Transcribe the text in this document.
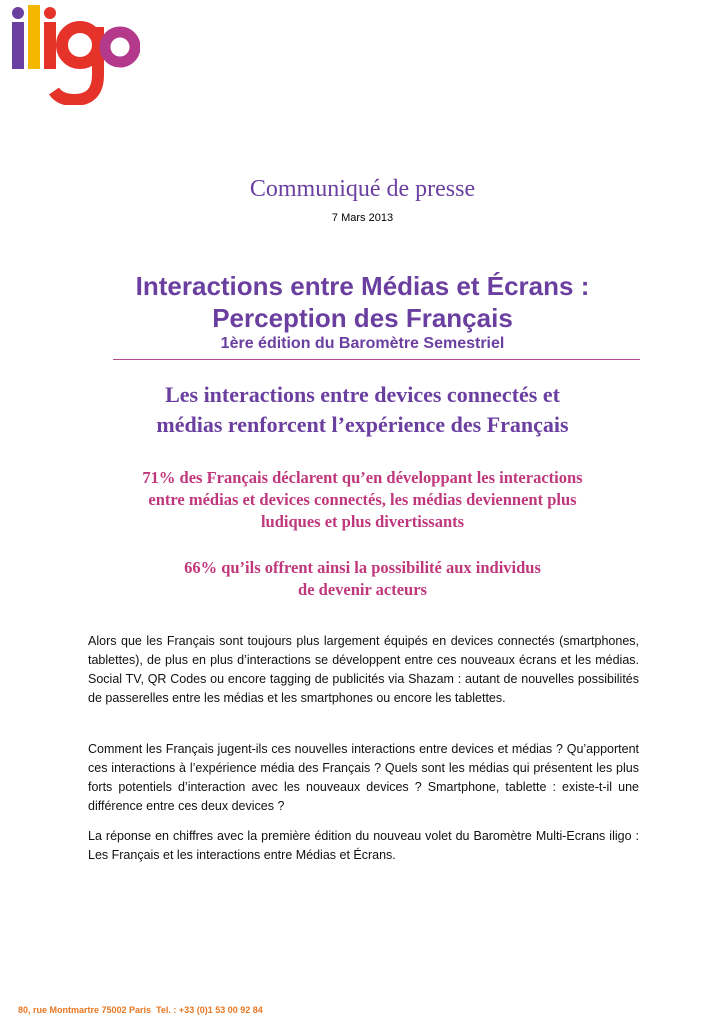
Communiqué de presse
7 Mars 2013
Interactions entre Médias et Écrans :
Perception des Français
1ère édition du Baromètre Semestriel
Les interactions entre devices connectés et
médias renforcent l’expérience des Français
71% des Français déclarent qu’en développant les interactions
entre médias et devices connectés, les médias deviennent plus
ludiques et plus divertissants
66% qu’ils offrent ainsi la possibilité aux individus
de devenir acteurs

Alors que les Français sont toujours plus largement équipés en devices connectés (smartphones, tablettes), de plus en plus d’interactions se développent entre ces nouveaux écrans et les médias. Social TV, QR Codes ou encore tagging de publicités via Shazam : autant de nouvelles possibilités de passerelles entre les médias et les smartphones ou encore les tablettes.

Comment les Français jugent-ils ces nouvelles interactions entre devices et médias ? Qu’apportent ces interactions à l’expérience média des Français ? Quels sont les médias qui présentent les plus forts potentiels d’interaction avec les nouveaux devices ? Smartphone, tablette : existe-t-il une différence entre ces deux devices ?

La réponse en chiffres avec la première édition du nouveau volet du Baromètre Multi-Ecrans iligo : Les Français et les interactions entre Médias et Écrans.

80, rue Montmartre 75002 Paris Tel. : +33 (0)1 53 00 92 84
